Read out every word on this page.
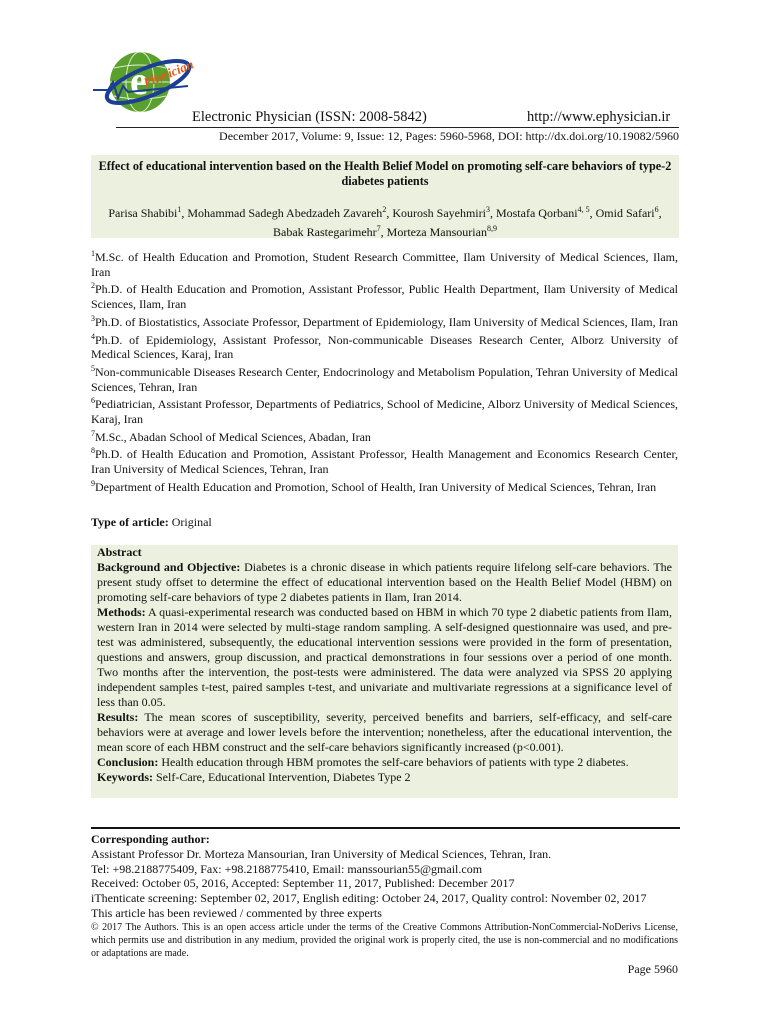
e
Physician
Electronic Physician (ISSN: 2008-5842)	http://www.ephysician.ir
December 2017, Volume: 9, Issue: 12, Pages: 5960-5968, DOI: http://dx.doi.org/10.19082/5960
Effect of educational intervention based on the Health Belief Model on promoting self-care behaviors of type-2 diabetes patients
Parisa Shabibi$^1$, Mohammad Sadegh Abedzadeh Zavareh$^2$, Kourosh Sayehmiri$^3$, Mostafa Qorbani$^{4, 5}$, Omid Safari$^6$, Babak Rastegarimehr$^7$, Morteza Mansourian$^{8,9}$

$^1$M.Sc. of Health Education and Promotion, Student Research Committee, Ilam University of Medical Sciences, Ilam, Iran

$^2$Ph.D. of Health Education and Promotion, Assistant Professor, Public Health Department, Ilam University of Medical Sciences, Ilam, Iran

$^3$Ph.D. of Biostatistics, Associate Professor, Department of Epidemiology, Ilam University of Medical Sciences, Ilam, Iran

$^4$Ph.D. of Epidemiology, Assistant Professor, Non-communicable Diseases Research Center, Alborz University of Medical Sciences, Karaj, Iran

$^5$Non-communicable Diseases Research Center, Endocrinology and Metabolism Population, Tehran University of Medical Sciences, Tehran, Iran

$^6$Pediatrician, Assistant Professor, Departments of Pediatrics, School of Medicine, Alborz University of Medical Sciences, Karaj, Iran

$^7$M.Sc., Abadan School of Medical Sciences, Abadan, Iran

$^8$Ph.D. of Health Education and Promotion, Assistant Professor, Health Management and Economics Research Center, Iran University of Medical Sciences, Tehran, Iran

$^9$Department of Health Education and Promotion, School of Health, Iran University of Medical Sciences, Tehran, Iran

Type of article: Original

Abstract

Background and Objective: Diabetes is a chronic disease in which patients require lifelong self-care behaviors. The present study offset to determine the effect of educational intervention based on the Health Belief Model (HBM) on promoting self-care behaviors of type 2 diabetes patients in Ilam, Iran 2014.

Methods: A quasi-experimental research was conducted based on HBM in which 70 type 2 diabetic patients from Ilam, western Iran in 2014 were selected by multi-stage random sampling. A self-designed questionnaire was used, and pre-test was administered, subsequently, the educational intervention sessions were provided in the form of presentation, questions and answers, group discussion, and practical demonstrations in four sessions over a period of one month. Two months after the intervention, the post-tests were administered. The data were analyzed via SPSS 20 applying independent samples t-test, paired samples t-test, and univariate and multivariate regressions at a significance level of less than 0.05.

Results: The mean scores of susceptibility, severity, perceived benefits and barriers, self-efficacy, and self-care behaviors were at average and lower levels before the intervention; nonetheless, after the educational intervention, the mean score of each HBM construct and the self-care behaviors significantly increased (p<0.001).

Conclusion: Health education through HBM promotes the self-care behaviors of patients with type 2 diabetes.

Keywords: Self-Care, Educational Intervention, Diabetes Type 2

Corresponding author:

Assistant Professor Dr. Morteza Mansourian, Iran University of Medical Sciences, Tehran, Iran.

Tel: +98.2188775409, Fax: +98.2188775410, Email: manssourian55@gmail.com

Received: October 05, 2016, Accepted: September 11, 2017, Published: December 2017

iThenticate screening: September 02, 2017, English editing: October 24, 2017, Quality control: November 02, 2017

This article has been reviewed / commented by three experts

© 2017 The Authors. This is an open access article under the terms of the Creative Commons Attribution-NonCommercial-NoDerivs License, which permits use and distribution in any medium, provided the original work is properly cited, the use is non-commercial and no modifications or adaptations are made.

Page 5960
